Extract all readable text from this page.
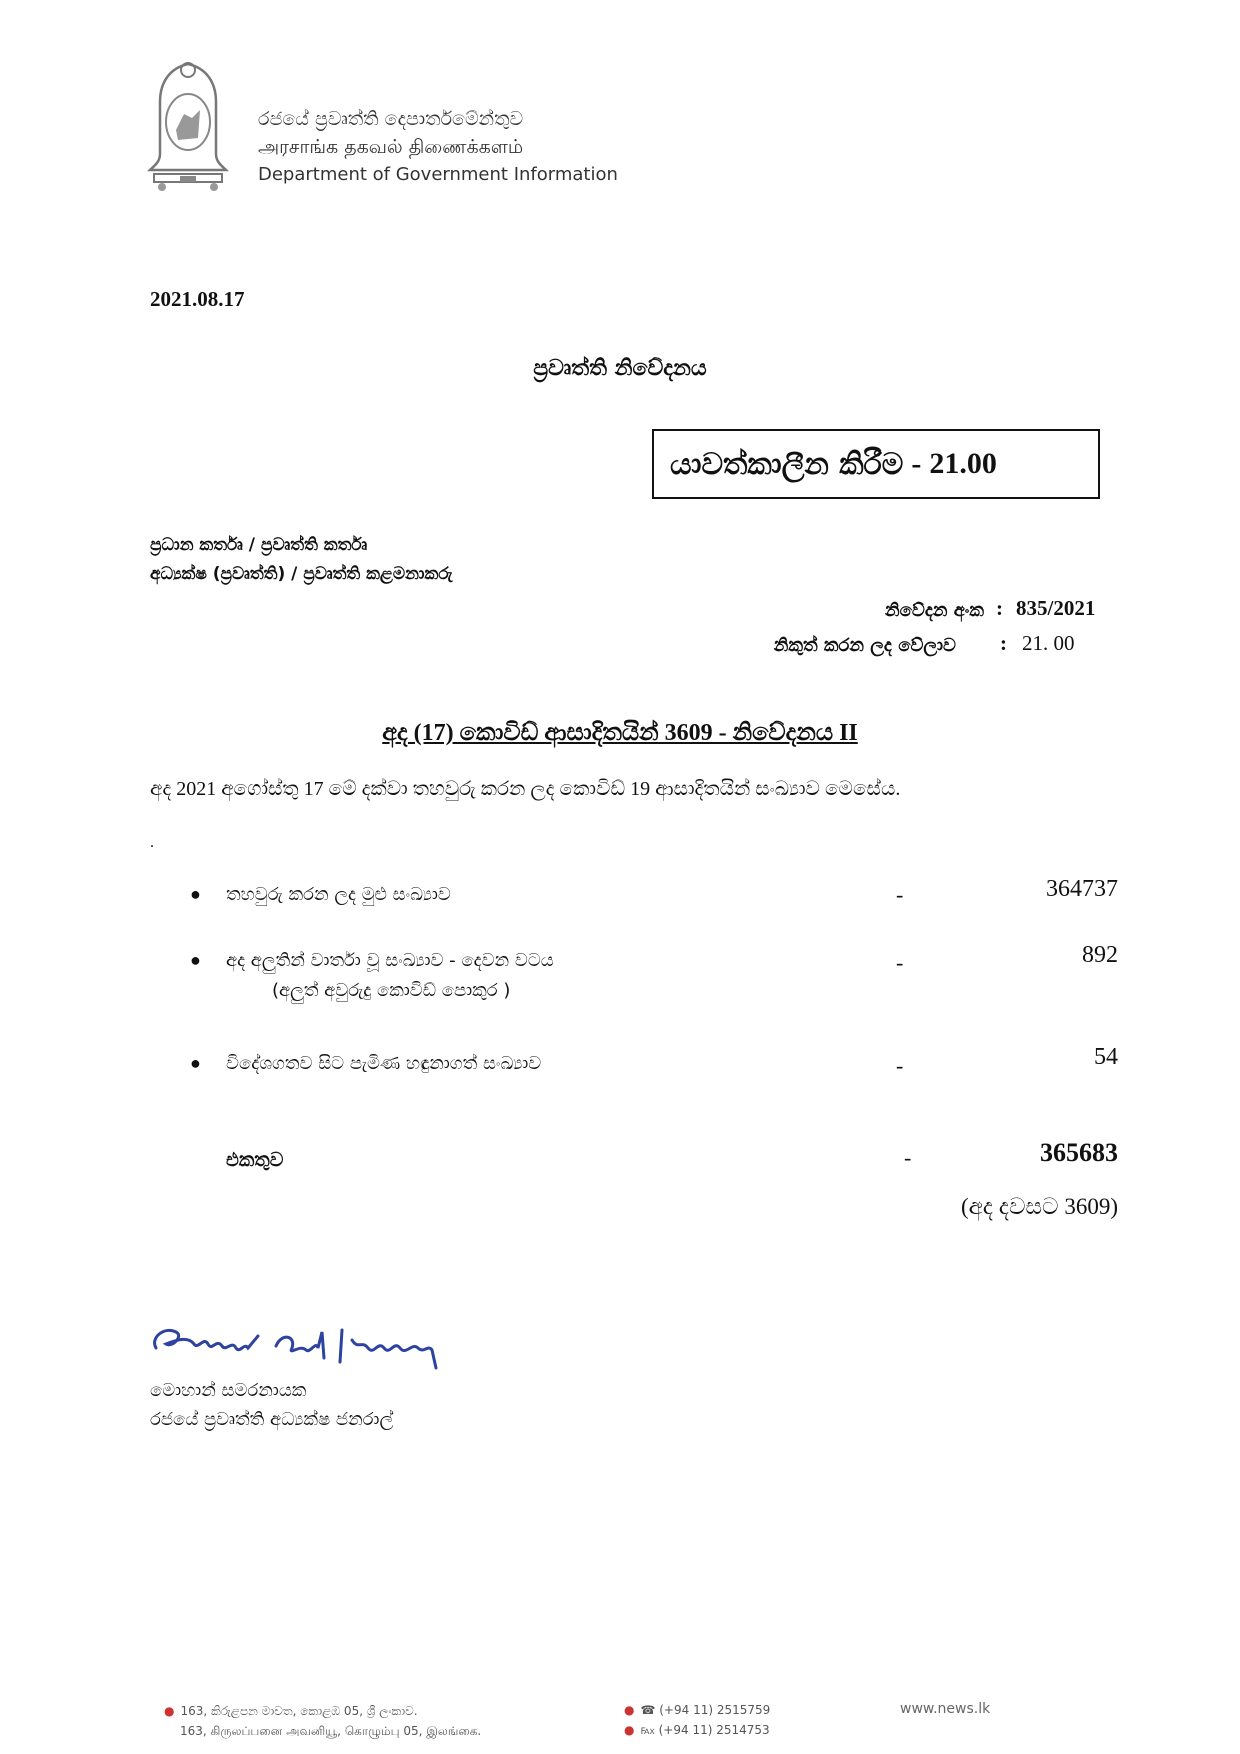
රජයේ ප්‍රවෘත්ති දෙපාර්තමේන්තුව
அரசாங்க தகவல் திணைக்களம்
Department of Government Information
2021.08.17
ප්‍රවෘත්ති නිවේදනය
යාවත්කාලීන කිරීම - 21.00
ප්‍රධාන කර්තෘ / ප්‍රවෘත්ති කර්තෘ
අධ්‍යක්ෂ (ප්‍රවෘත්ති) / ප්‍රවෘත්ති කළමනාකරු
නිවේදන අංක : 835/2021
නිකුත් කරන ලද වේලාව : 21. 00
අද (17) කොවිඩ් ආසාදිතයින් 3609 - නිවේදනය II
අද 2021 අගෝස්තු 17 මේ දක්වා තහවුරු කරන ලද කොවිඩ් 19 ආසාදිතයින් සංඛ්‍යාව මෙසේය.
.
● තහවුරු කරන ලද මුළු සංඛ්‍යාව	-	364737
● අද අලුතින් වාර්තා වූ සංඛ්‍යාව - දෙවන වටය
(අලුත් අවුරුදු කොවිඩ් පොකුර )
-	892
● විදේශගතව සිට පැමිණ හඳුනාගත් සංඛ්‍යාව	-	54
එකතුව	-	365683
(අද දවසට 3609)
මොහාන් සමරනායක
රජයේ ප්‍රවෘත්ති අධ්‍යක්ෂ ජනරාල්
● 163, කිරුළපන මාවත, කොළඹ 05, ශ්‍රී ලංකාව.
163, கிருலப்பனை அவனியூ, கொழும்பு 05, இலங்கை.
● ☎ (+94 11) 2515759
● ℻ (+94 11) 2514753
www.news.lk
